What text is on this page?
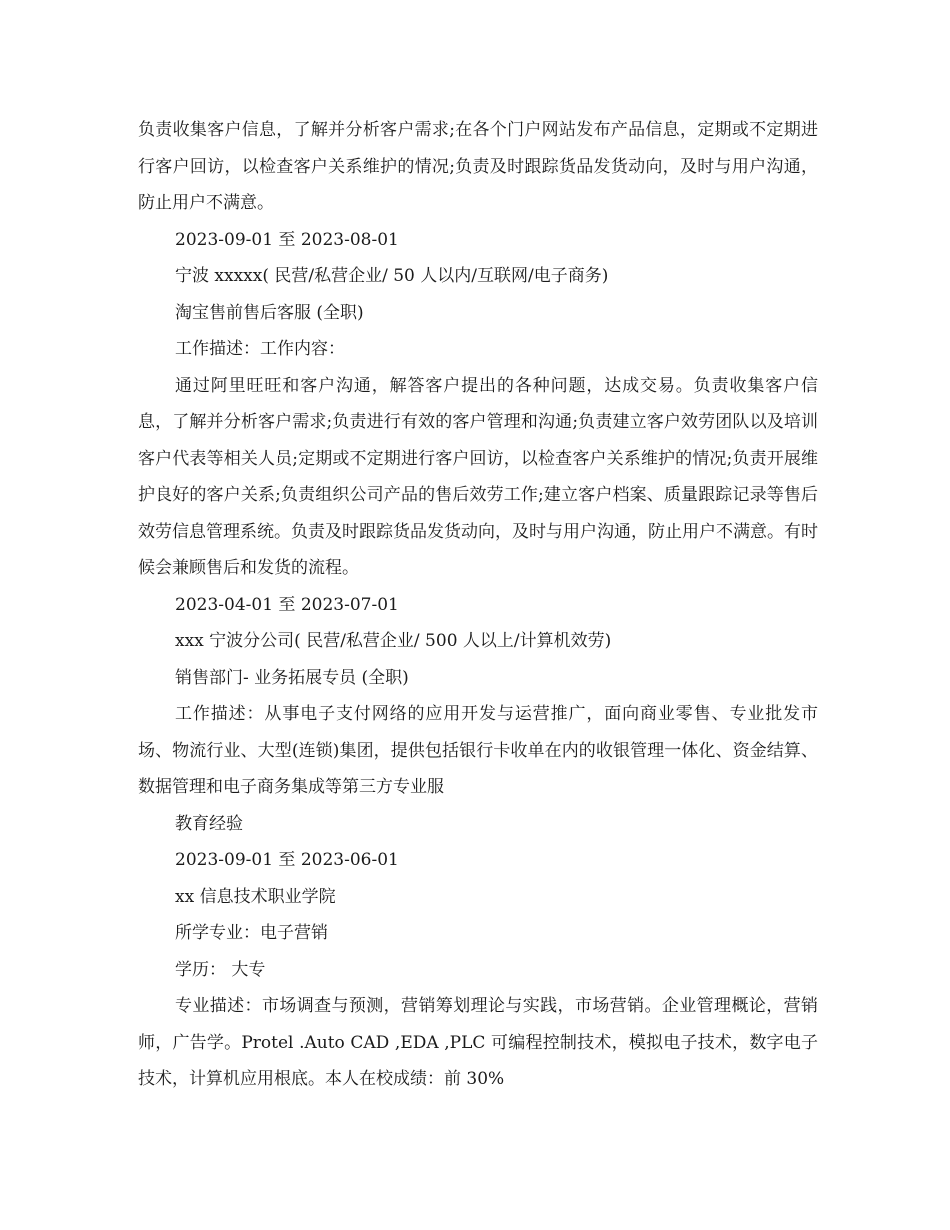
负责收集客户信息，了解并分析客户需求;在各个门户网站发布产品信息，定期或不定期进行客户回访，以检查客户关系维护的情况;负责及时跟踪货品发货动向，及时与用户沟通，防止用户不满意。

2023-09-01 至 2023-08-01

宁波 xxxxx( 民营/私营企业/ 50 人以内/互联网/电子商务)

淘宝售前售后客服 (全职)

工作描述：工作内容：

通过阿里旺旺和客户沟通，解答客户提出的各种问题，达成交易。负责收集客户信息，了解并分析客户需求;负责进行有效的客户管理和沟通;负责建立客户效劳团队以及培训客户代表等相关人员;定期或不定期进行客户回访，以检查客户关系维护的情况;负责开展维护良好的客户关系;负责组织公司产品的售后效劳工作;建立客户档案、质量跟踪记录等售后效劳信息管理系统。负责及时跟踪货品发货动向，及时与用户沟通，防止用户不满意。有时候会兼顾售后和发货的流程。

2023-04-01 至 2023-07-01

xxx 宁波分公司( 民营/私营企业/ 500 人以上/计算机效劳)

销售部门- 业务拓展专员 (全职)

工作描述：从事电子支付网络的应用开发与运营推广，面向商业零售、专业批发市场、物流行业、大型(连锁)集团，提供包括银行卡收单在内的收银管理一体化、资金结算、数据管理和电子商务集成等第三方专业服

教育经验

2023-09-01 至 2023-06-01

xx 信息技术职业学院

所学专业：电子营销

学历： 大专

专业描述：市场调查与预测，营销筹划理论与实践，市场营销。企业管理概论，营销师，广告学。Protel .Auto CAD ,EDA ,PLC 可编程控制技术，模拟电子技术，数字电子技术，计算机应用根底。本人在校成绩：前 30%
